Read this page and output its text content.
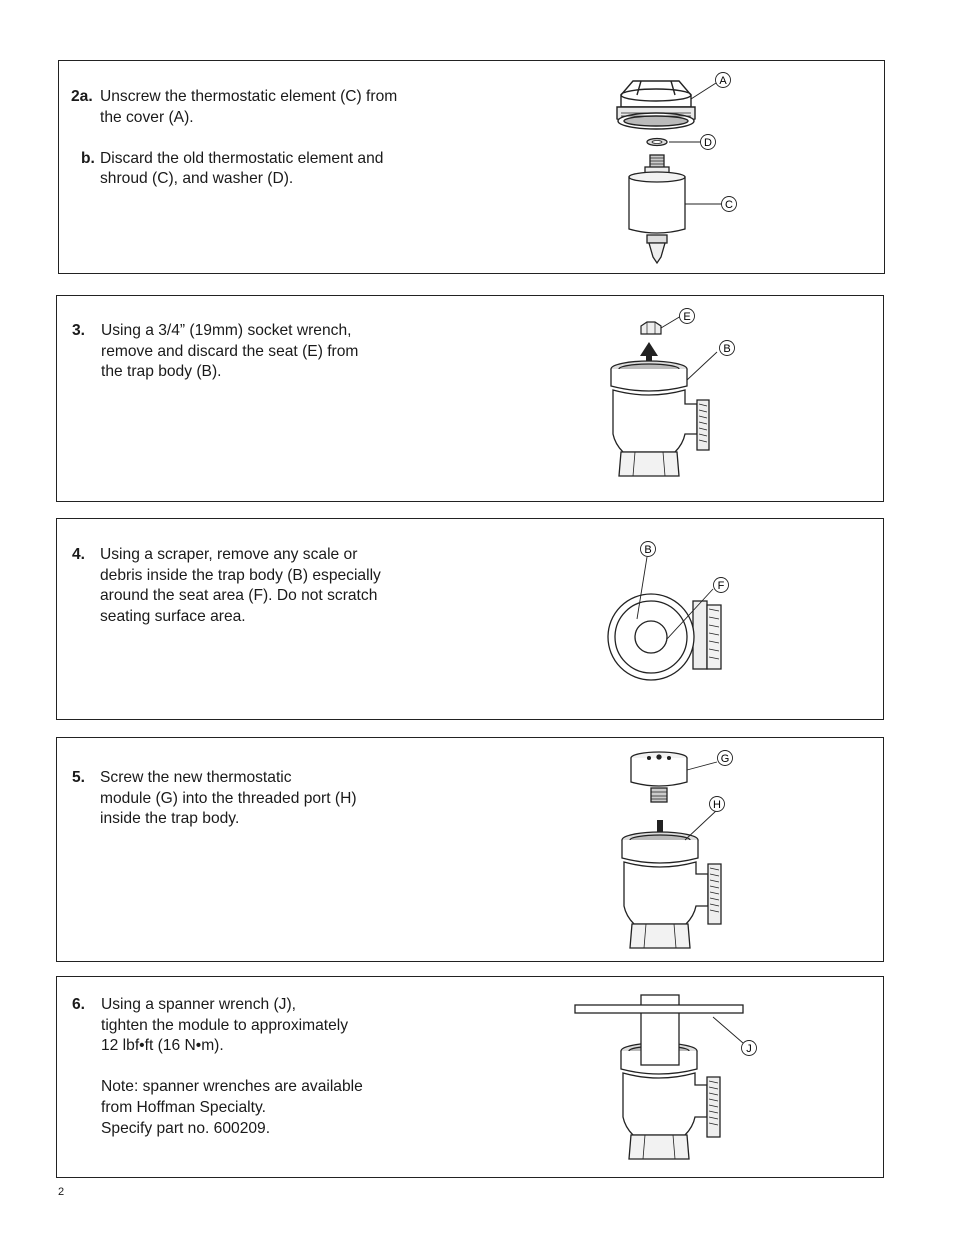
2a. Unscrew the thermostatic element (C) from
the cover (A).
b. Discard the old thermostatic element and
shroud (C), and washer (D).
A
D
C
3. Using a 3/4” (19mm) socket wrench,
remove and discard the seat (E) from
the trap body (B).
E
B
4. Using a scraper, remove any scale or
debris inside the trap body (B) especially
around the seat area (F). Do not scratch
seating surface area.
B
F
5. Screw the new thermostatic
module (G) into the threaded port (H)
inside the trap body.
G
H
6. Using a spanner wrench (J),
tighten the module to approximately
12 lbf•ft (16 N•m).
Note: spanner wrenches are available
from Hoffman Specialty.
Specify part no. 600209.
J
2
